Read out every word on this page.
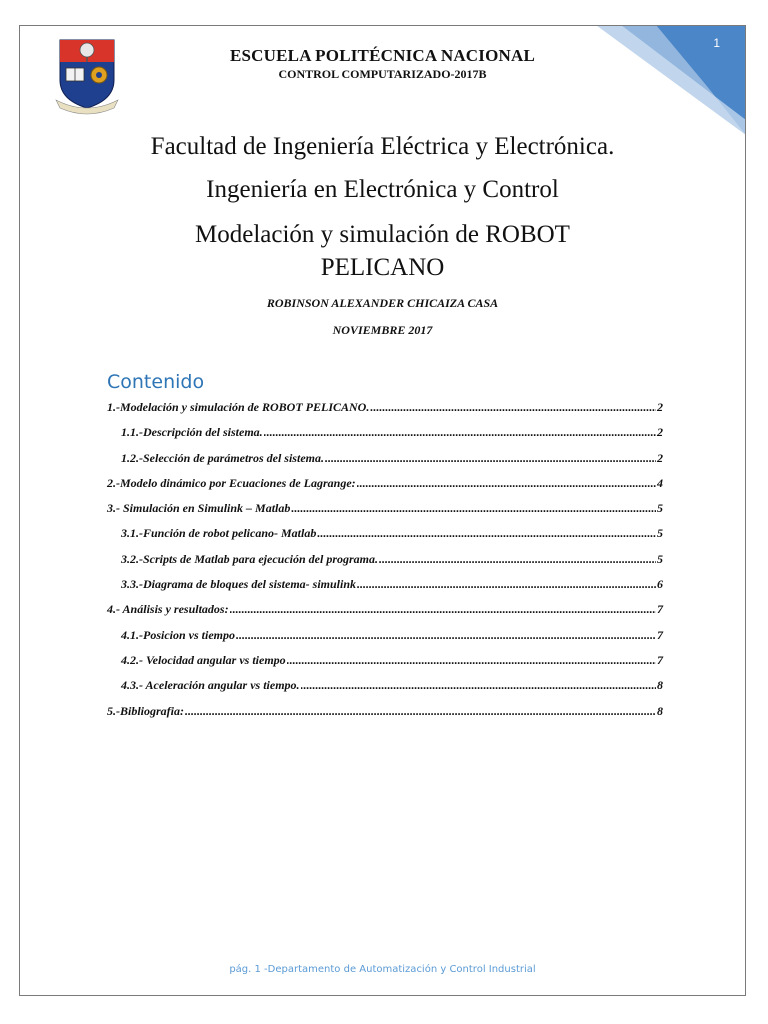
1
ESCUELA POLITÉCNICA NACIONAL
CONTROL COMPUTARIZADO-2017B
Facultad de Ingeniería Eléctrica y Electrónica.
Ingeniería en Electrónica y Control
Modelación y simulación de ROBOT
PELICANO
ROBINSON ALEXANDER CHICAIZA CASA
NOVIEMBRE 2017
Contenido
1.-Modelación y simulación de ROBOT PELICANO. .....	2
1.1.-Descripción del sistema. .....	2
1.2.-Selección de parámetros del sistema. .....	2
2.-Modelo dinámico por Ecuaciones de Lagrange: .....	4
3.- Simulación en Simulink – Matlab .....	5
3.1.-Función de robot pelicano- Matlab .....	5
3.2.-Scripts de Matlab para ejecución del programa. .....	5
3.3.-Diagrama de bloques del sistema- simulink .....	6
4.- Análisis y resultados: .....	7
4.1.-Posicion vs tiempo .....	7
4.2.- Velocidad angular vs tiempo .....	7
4.3.- Aceleración angular vs tiempo. .....	8
5.-Bibliografia: .....	8
pág. 1 -Departamento de Automatización y Control Industrial
